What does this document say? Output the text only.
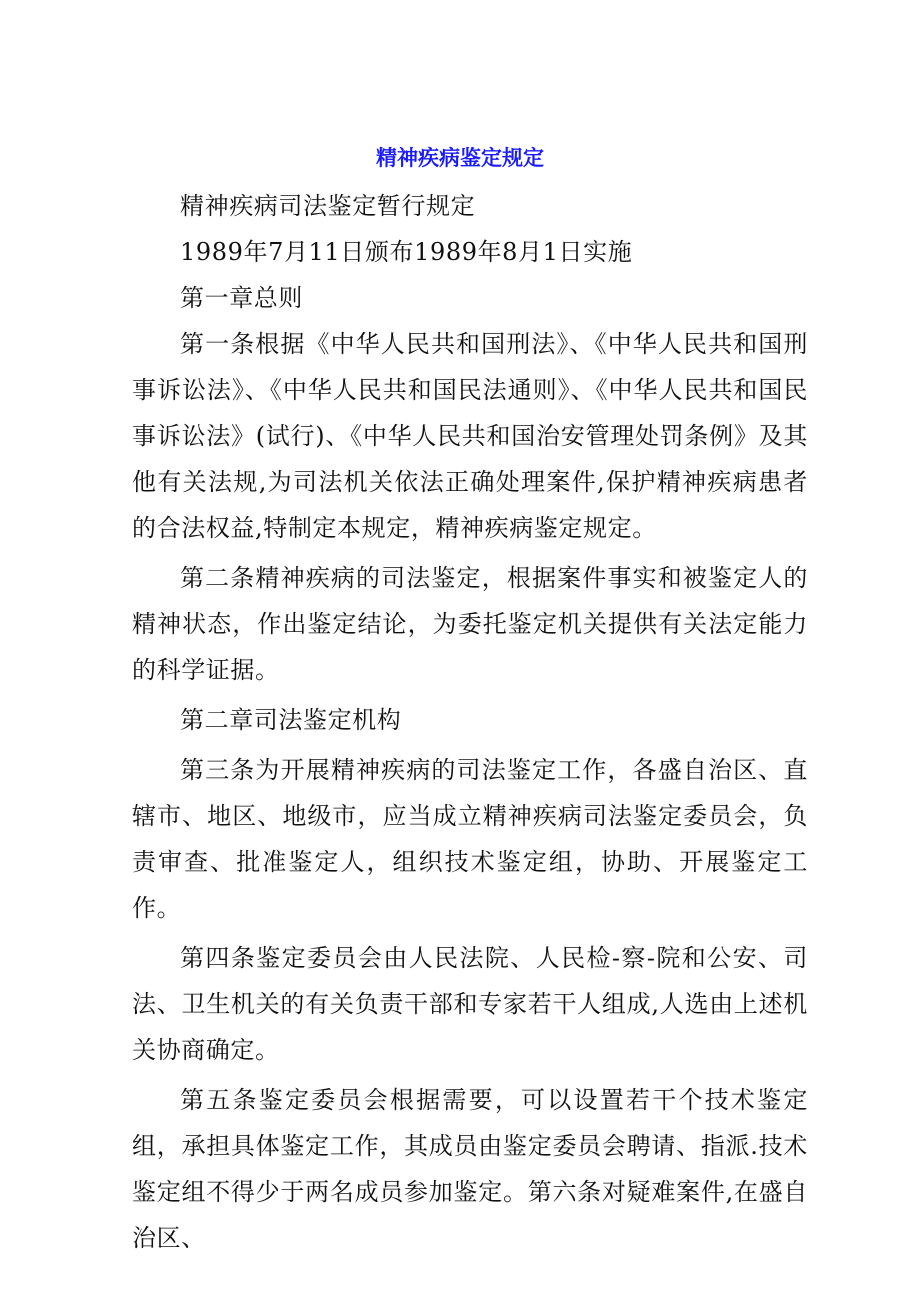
精神疾病鉴定规定

精神疾病司法鉴定暂行规定

1989年7月11日颁布1989年8月1日实施

第一章总则

第一条根据《中华人民共和国刑法》、《中华人民共和国刑事诉讼法》、《中华人民共和国民法通则》、《中华人民共和国民事诉讼法》(试行)、《中华人民共和国治安管理处罚条例》及其他有关法规,为司法机关依法正确处理案件,保护精神疾病患者的合法权益,特制定本规定，精神疾病鉴定规定。

第二条精神疾病的司法鉴定，根据案件事实和被鉴定人的精神状态，作出鉴定结论，为委托鉴定机关提供有关法定能力的科学证据。

第二章司法鉴定机构

第三条为开展精神疾病的司法鉴定工作，各盛自治区、直辖市、地区、地级市，应当成立精神疾病司法鉴定委员会，负责审查、批准鉴定人，组织技术鉴定组，协助、开展鉴定工作。

第四条鉴定委员会由人民法院、人民检-察-院和公安、司法、卫生机关的有关负责干部和专家若干人组成,人选由上述机关协商确定。

第五条鉴定委员会根据需要，可以设置若干个技术鉴定组，承担具体鉴定工作，其成员由鉴定委员会聘请、指派.技术鉴定组不得少于两名成员参加鉴定。第六条对疑难案件,在盛自治区、
